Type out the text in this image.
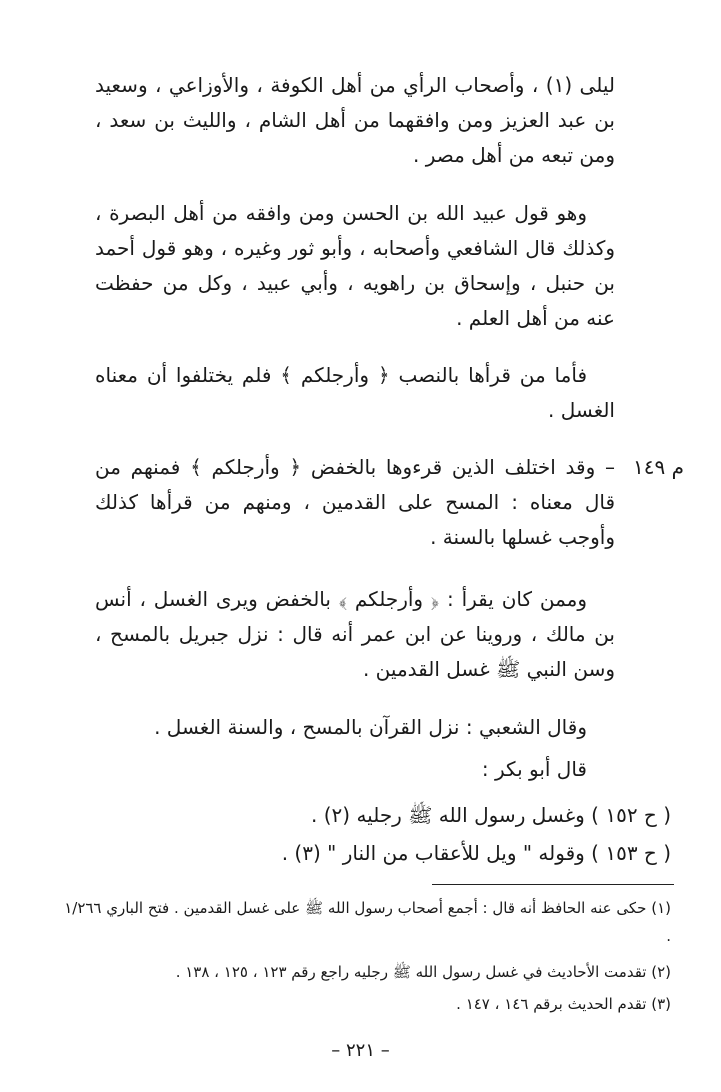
ليلى (١) ، وأصحاب الرأي من أهل الكوفة ، والأوزاعي ، وسعيد بن عبد العزيز ومن وافقهما من أهل الشام ، والليث بن سعد ، ومن تبعه من أهل مصر .

وهو قول عبيد الله بن الحسن ومن وافقه من أهل البصرة ، وكذلك قال الشافعي وأصحابه ، وأبو ثور وغيره ، وهو قول أحمد بن حنبل ، وإسحاق بن راهويه ، وأبي عبيد ، وكل من حفظت عنه من أهل العلم .

فأما من قرأها بالنصب ﴿ وأرجلكم ﴾ فلم يختلفوا أن معناه الغسل .

م ١٤٩

– وقد اختلف الذين قرءوها بالخفض ﴿ وأرجلكم ﴾ فمنهم من قال معناه : المسح على القدمين ، ومنهم من قرأها كذلك وأوجب غسلها بالسنة .

وممن كان يقرأ : ﴿ وأرجلكم ﴾ بالخفض ويرى الغسل ، أنس بن مالك ، وروينا عن ابن عمر أنه قال : نزل جبريل بالمسح ، وسن النبي ﷺ غسل القدمين .

وقال الشعبي : نزل القرآن بالمسح ، والسنة الغسل .

قال أبو بكر :

( ح ١٥٢ ) وغسل رسول الله ﷺ رجليه (٢) .

( ح ١٥٣ ) وقوله " ويل للأعقاب من النار " (٣) .

(١) حكى عنه الحافظ أنه قال : أجمع أصحاب رسول الله ﷺ على غسل القدمين . فتح الباري ١/٢٦٦ .

(٢) تقدمت الأحاديث في غسل رسول الله ﷺ رجليه راجع رقم ١٢٣ ، ١٢٥ ، ١٣٨ .

(٣) تقدم الحديث برقم ١٤٦ ، ١٤٧ .

– ٢٢١ –
